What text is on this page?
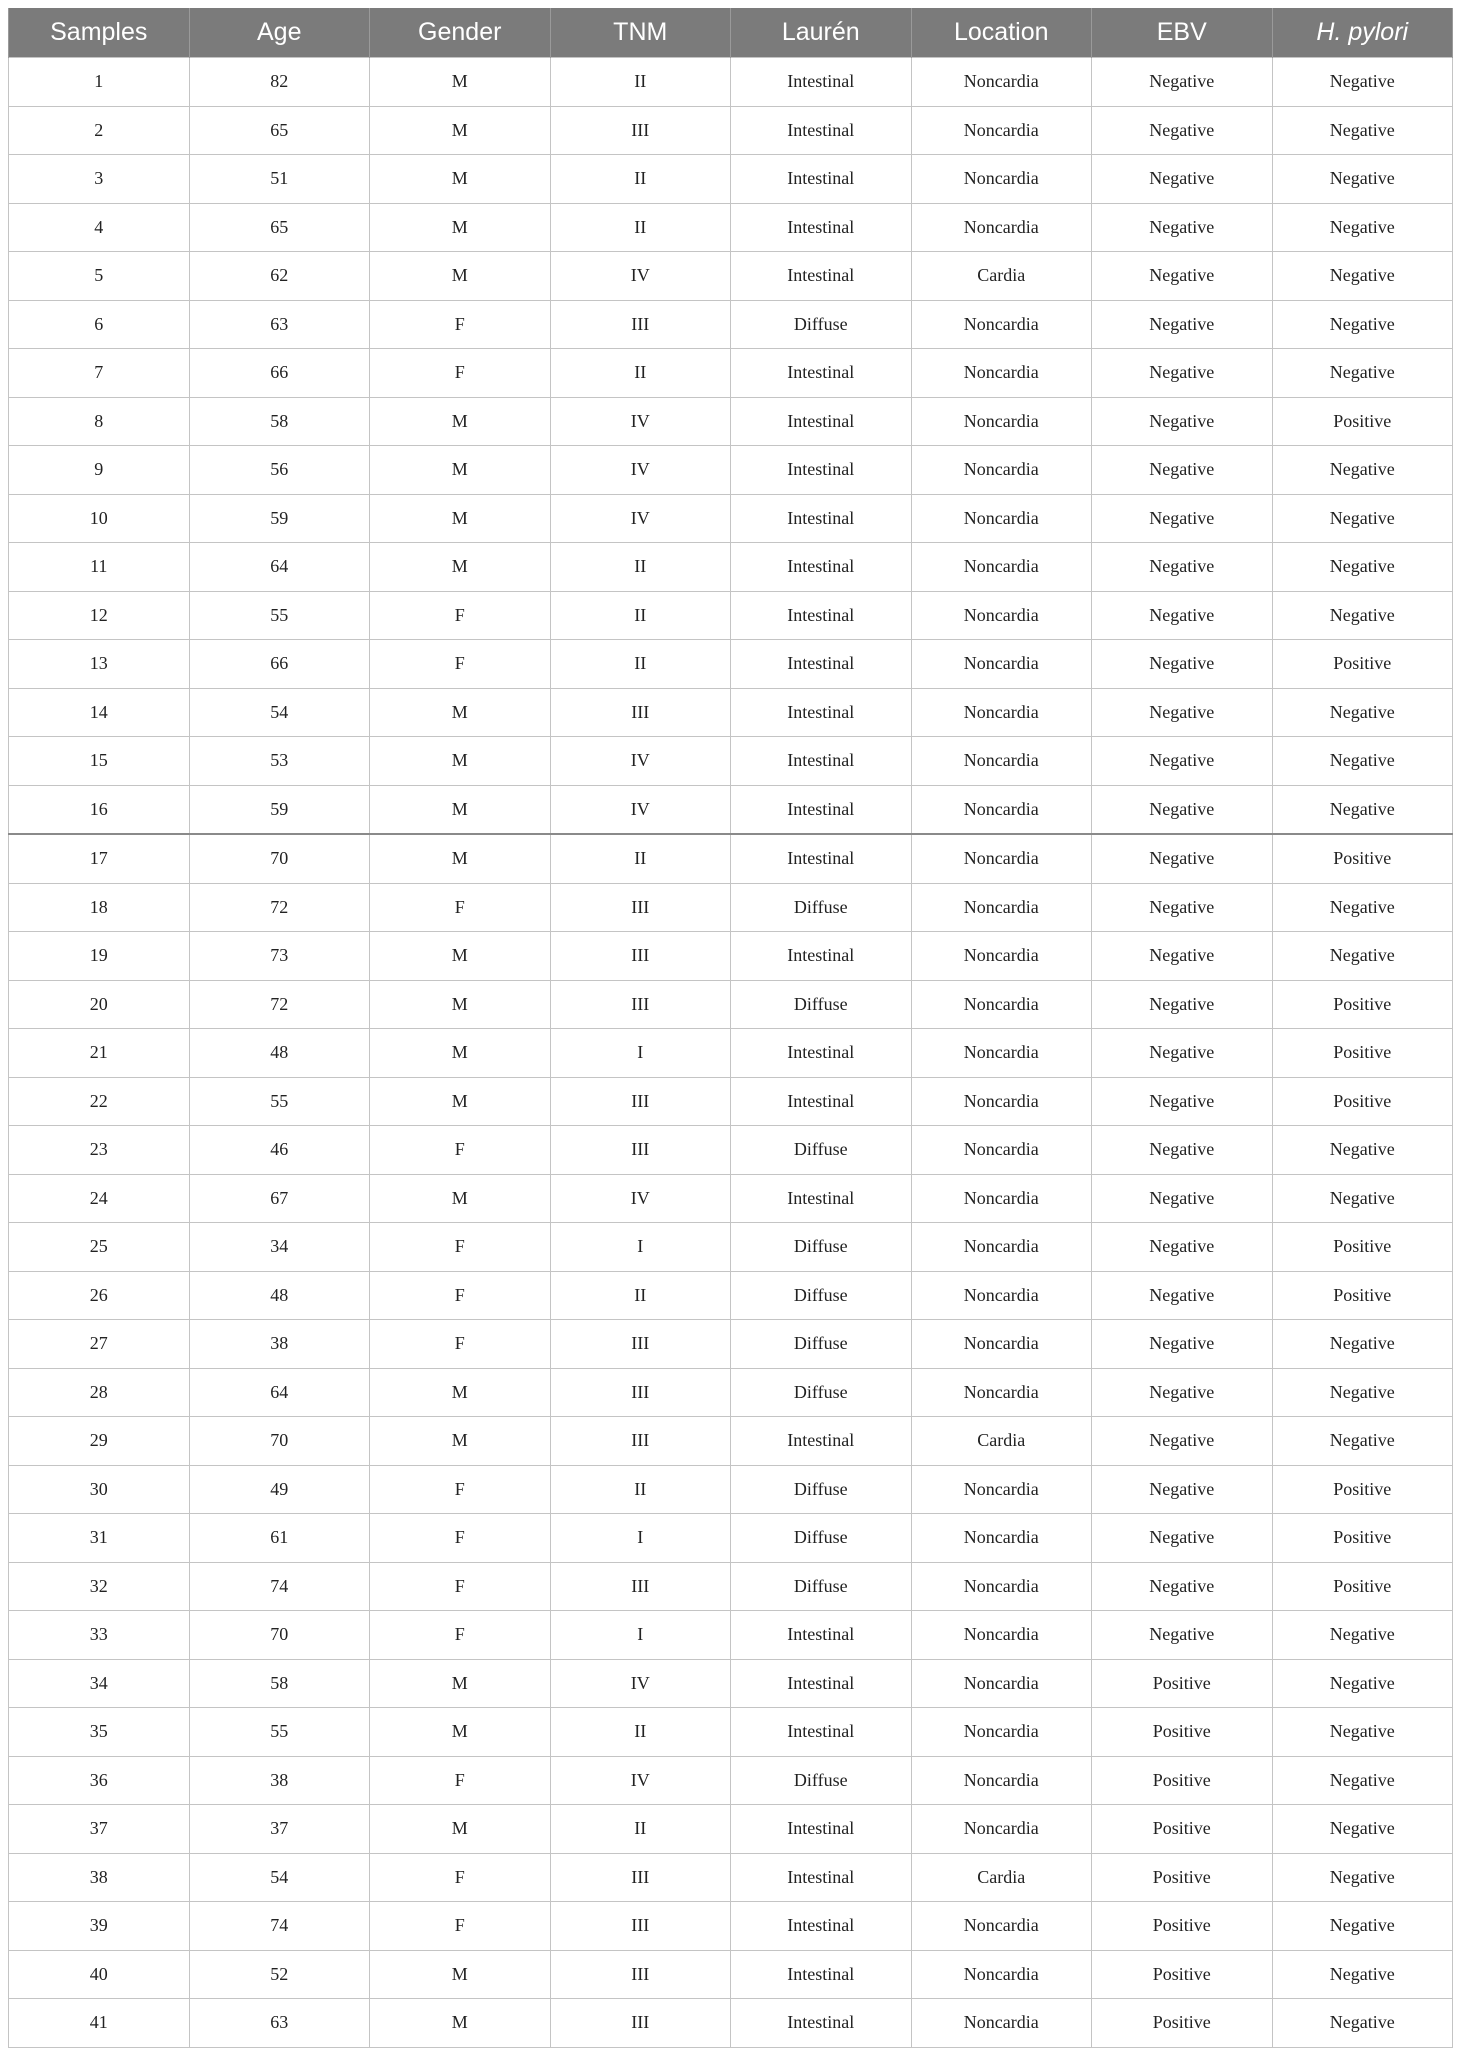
Samples	Age	Gender	TNM	Laurén	Location	EBV	H. pylori
1	82	M	II	Intestinal	Noncardia	Negative	Negative
2	65	M	III	Intestinal	Noncardia	Negative	Negative
3	51	M	II	Intestinal	Noncardia	Negative	Negative
4	65	M	II	Intestinal	Noncardia	Negative	Negative
5	62	M	IV	Intestinal	Cardia	Negative	Negative
6	63	F	III	Diffuse	Noncardia	Negative	Negative
7	66	F	II	Intestinal	Noncardia	Negative	Negative
8	58	M	IV	Intestinal	Noncardia	Negative	Positive
9	56	M	IV	Intestinal	Noncardia	Negative	Negative
10	59	M	IV	Intestinal	Noncardia	Negative	Negative
11	64	M	II	Intestinal	Noncardia	Negative	Negative
12	55	F	II	Intestinal	Noncardia	Negative	Negative
13	66	F	II	Intestinal	Noncardia	Negative	Positive
14	54	M	III	Intestinal	Noncardia	Negative	Negative
15	53	M	IV	Intestinal	Noncardia	Negative	Negative
16	59	M	IV	Intestinal	Noncardia	Negative	Negative
17	70	M	II	Intestinal	Noncardia	Negative	Positive
18	72	F	III	Diffuse	Noncardia	Negative	Negative
19	73	M	III	Intestinal	Noncardia	Negative	Negative
20	72	M	III	Diffuse	Noncardia	Negative	Positive
21	48	M	I	Intestinal	Noncardia	Negative	Positive
22	55	M	III	Intestinal	Noncardia	Negative	Positive
23	46	F	III	Diffuse	Noncardia	Negative	Negative
24	67	M	IV	Intestinal	Noncardia	Negative	Negative
25	34	F	I	Diffuse	Noncardia	Negative	Positive
26	48	F	II	Diffuse	Noncardia	Negative	Positive
27	38	F	III	Diffuse	Noncardia	Negative	Negative
28	64	M	III	Diffuse	Noncardia	Negative	Negative
29	70	M	III	Intestinal	Cardia	Negative	Negative
30	49	F	II	Diffuse	Noncardia	Negative	Positive
31	61	F	I	Diffuse	Noncardia	Negative	Positive
32	74	F	III	Diffuse	Noncardia	Negative	Positive
33	70	F	I	Intestinal	Noncardia	Negative	Negative
34	58	M	IV	Intestinal	Noncardia	Positive	Negative
35	55	M	II	Intestinal	Noncardia	Positive	Negative
36	38	F	IV	Diffuse	Noncardia	Positive	Negative
37	37	M	II	Intestinal	Noncardia	Positive	Negative
38	54	F	III	Intestinal	Cardia	Positive	Negative
39	74	F	III	Intestinal	Noncardia	Positive	Negative
40	52	M	III	Intestinal	Noncardia	Positive	Negative
41	63	M	III	Intestinal	Noncardia	Positive	Negative
